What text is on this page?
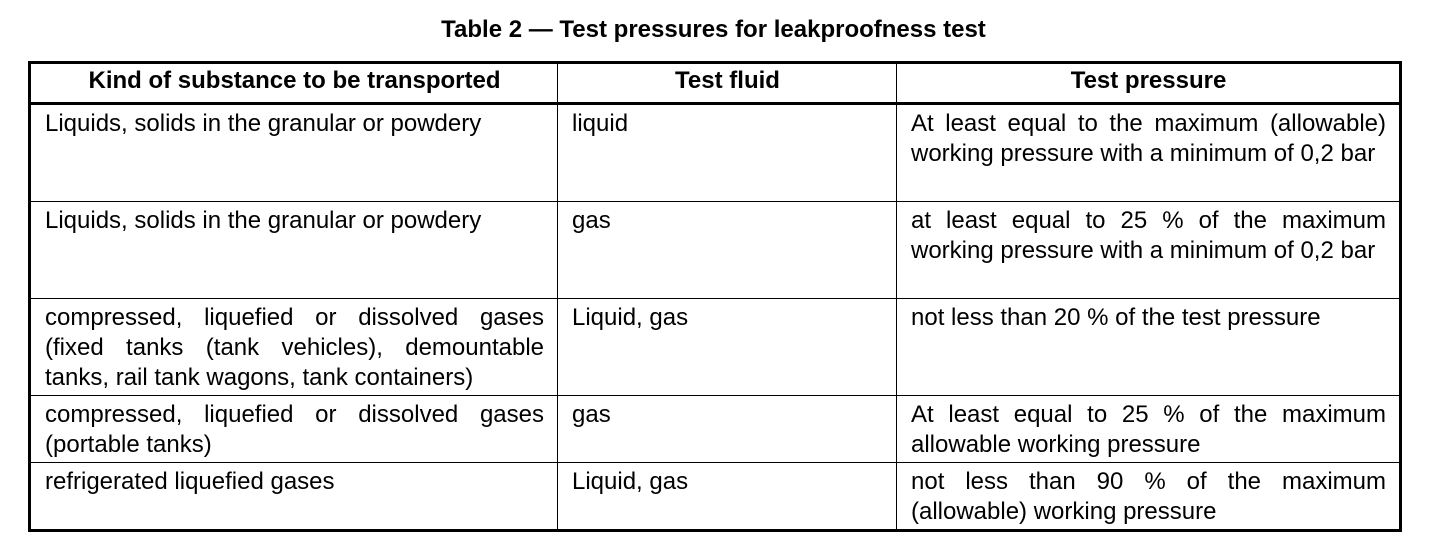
Table 2 — Test pressures for leakproofness test
Kind of substance to be transported	Test fluid	Test pressure
Liquids, solids in the granular or powdery	liquid	At least equal to the maximum (allowable) working pressure with a minimum of 0,2 bar
Liquids, solids in the granular or powdery	gas	at least equal to 25 % of the maximum working pressure with a minimum of 0,2 bar
compressed, liquefied or dissolved gases (fixed tanks (tank vehicles), demountable tanks, rail tank wagons, tank containers)	Liquid, gas	not less than 20 % of the test pressure
compressed, liquefied or dissolved gases (portable tanks)	gas	At least equal to 25 % of the maximum allowable working pressure
refrigerated liquefied gases	Liquid, gas	not less than 90 % of the maximum (allowable) working pressure
